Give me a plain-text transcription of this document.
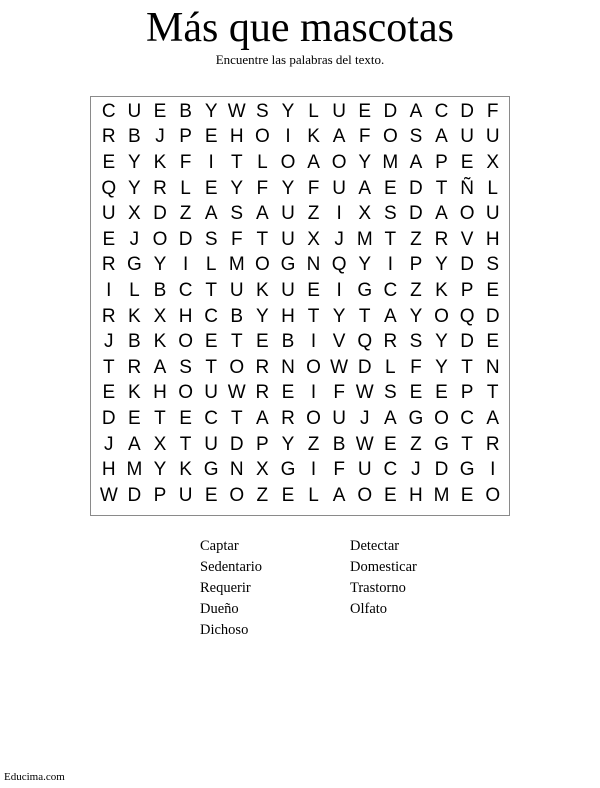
Más que mascotas
Encuentre las palabras del texto.
C U E B Y W S Y L U E D A C D F
R B J P E H O I K A F O S A U U
E Y K F I T L O A O Y M A P E X
Q Y R L E Y F Y F U A E D T Ñ L
U X D Z A S A U Z I X S D A O U
E J O D S F T U X J M T Z R V H
R G Y I L M O G N Q Y I P Y D S
I L B C T U K U E I G C Z K P E
R K X H C B Y H T Y T A Y O Q D
J B K O E T E B I V Q R S Y D E
T R A S T O R N O W D L F Y T N
E K H O U W R E I F W S E E P T
D E T E C T A R O U J A G O C A
J A X T U D P Y Z B W E Z G T R
H M Y K G N X G I F U C J D G I
W D P U E O Z E L A O E H M E O
Captar
Sedentario
Requerir
Dueño
Dichoso
Detectar
Domesticar
Trastorno
Olfato
Educima.com
